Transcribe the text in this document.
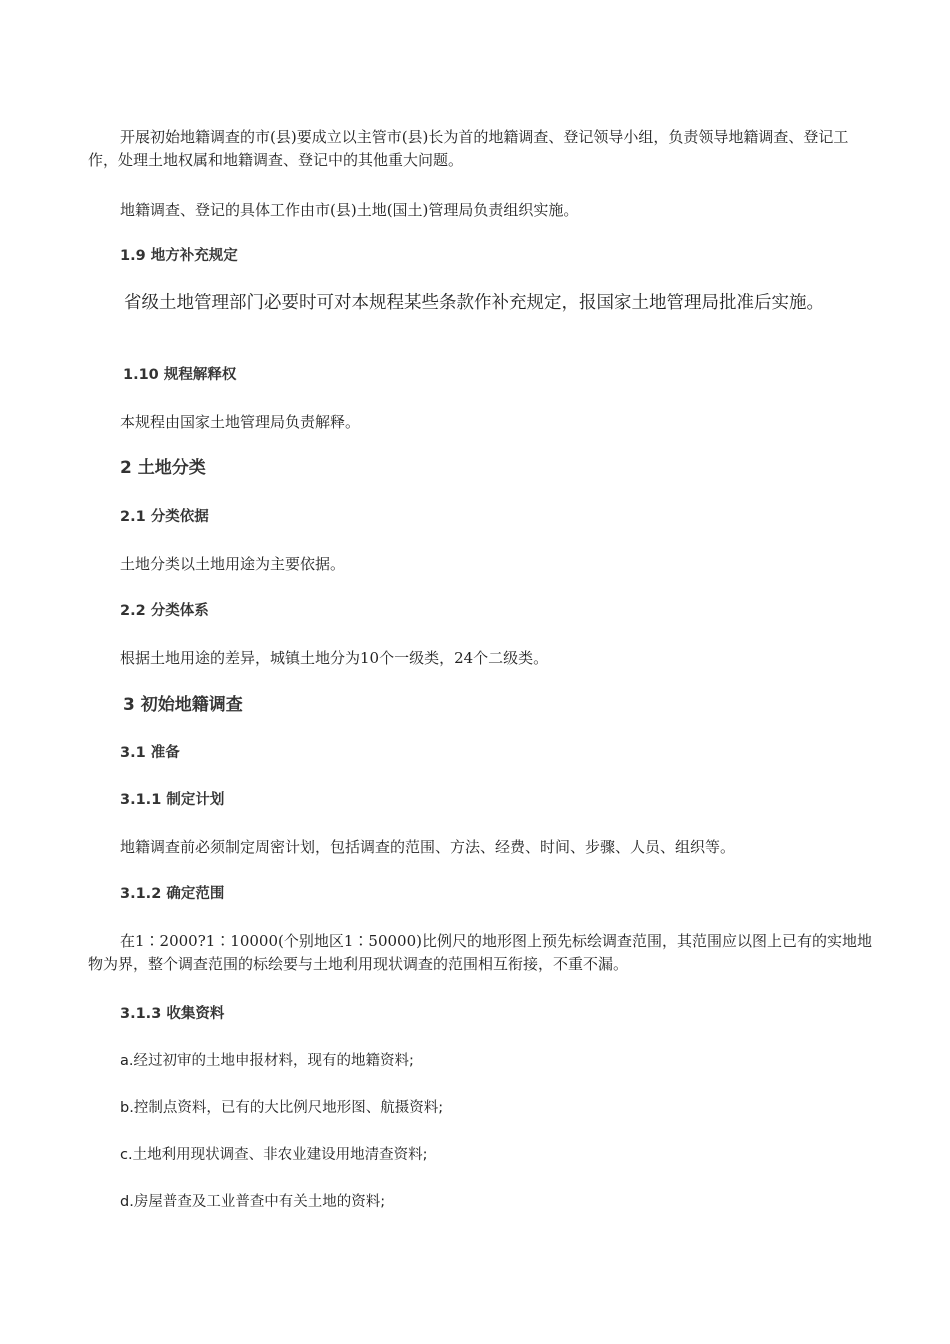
开展初始地籍调查的市(县)要成立以主管市(县)长为首的地籍调查、登记领导小组，负责领导地籍调查、登记工作，处理土地权属和地籍调查、登记中的其他重大问题。

地籍调查、登记的具体工作由市(县)土地(国土)管理局负责组织实施。

1.9 地方补充规定

省级土地管理部门必要时可对本规程某些条款作补充规定，报国家土地管理局批准后实施。

1.10 规程解释权

本规程由国家土地管理局负责解释。

2 土地分类

2.1 分类依据

土地分类以土地用途为主要依据。

2.2 分类体系

根据土地用途的差异，城镇土地分为10个一级类，24个二级类。

3 初始地籍调查

3.1 准备

3.1.1 制定计划

地籍调查前必须制定周密计划，包括调查的范围、方法、经费、时间、步骤、人员、组织等。

3.1.2 确定范围

在1∶2000?1∶10000(个别地区1∶50000)比例尺的地形图上预先标绘调查范围，其范围应以图上已有的实地地物为界，整个调查范围的标绘要与土地利用现状调查的范围相互衔接，不重不漏。

3.1.3 收集资料

a.经过初审的土地申报材料，现有的地籍资料;

b.控制点资料，已有的大比例尺地形图、航摄资料;

c.土地利用现状调查、非农业建设用地清查资料;

d.房屋普查及工业普查中有关土地的资料;
